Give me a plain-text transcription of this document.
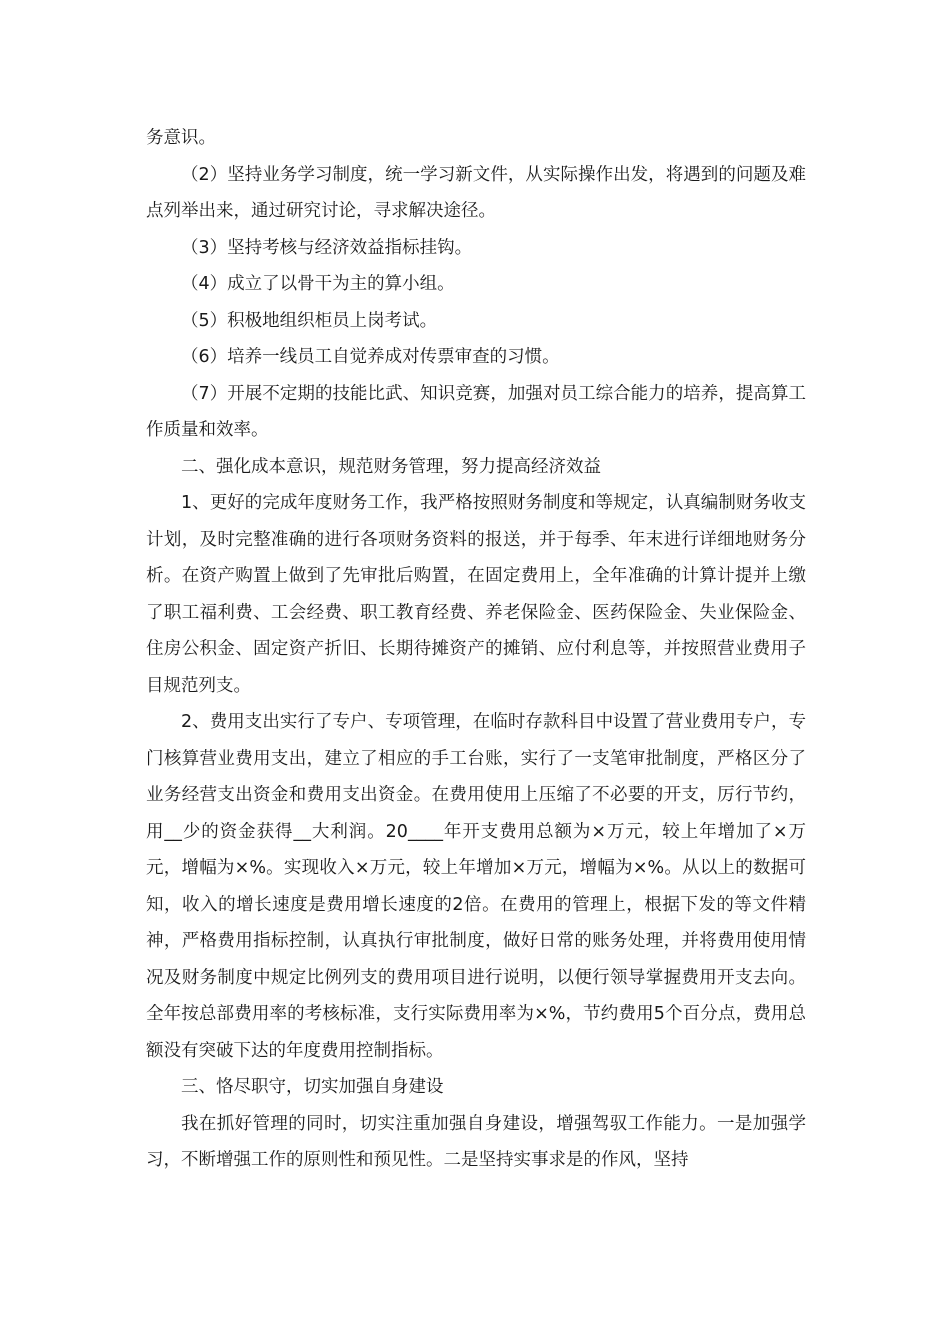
务意识。

（2）坚持业务学习制度，统一学习新文件，从实际操作出发，将遇到的问题及难点列举出来，通过研究讨论，寻求解决途径。

（3）坚持考核与经济效益指标挂钩。

（4）成立了以骨干为主的算小组。

（5）积极地组织柜员上岗考试。

（6）培养一线员工自觉养成对传票审查的习惯。

（7）开展不定期的技能比武、知识竞赛，加强对员工综合能力的培养，提高算工作质量和效率。

二、强化成本意识，规范财务管理，努力提高经济效益

1、更好的完成年度财务工作，我严格按照财务制度和等规定，认真编制财务收支计划，及时完整准确的进行各项财务资料的报送，并于每季、年末进行详细地财务分析。在资产购置上做到了先审批后购置，在固定费用上，全年准确的计算计提并上缴了职工福利费、工会经费、职工教育经费、养老保险金、医药保险金、失业保险金、住房公积金、固定资产折旧、长期待摊资产的摊销、应付利息等，并按照营业费用子目规范列支。

2、费用支出实行了专户、专项管理，在临时存款科目中设置了营业费用专户，专门核算营业费用支出，建立了相应的手工台账，实行了一支笔审批制度，严格区分了业务经营支出资金和费用支出资金。在费用使用上压缩了不必要的开支，厉行节约，用__少的资金获得__大利润。20____年开支费用总额为×万元，较上年增加了×万元，增幅为×%。实现收入×万元，较上年增加×万元，增幅为×%。从以上的数据可知，收入的增长速度是费用增长速度的2倍。在费用的管理上，根据下发的等文件精神，严格费用指标控制，认真执行审批制度，做好日常的账务处理，并将费用使用情况及财务制度中规定比例列支的费用项目进行说明，以便行领导掌握费用开支去向。全年按总部费用率的考核标准，支行实际费用率为×%，节约费用5个百分点，费用总额没有突破下达的年度费用控制指标。

三、恪尽职守，切实加强自身建设

我在抓好管理的同时，切实注重加强自身建设，增强驾驭工作能力。一是加强学习，不断增强工作的原则性和预见性。二是坚持实事求是的作风，坚持
